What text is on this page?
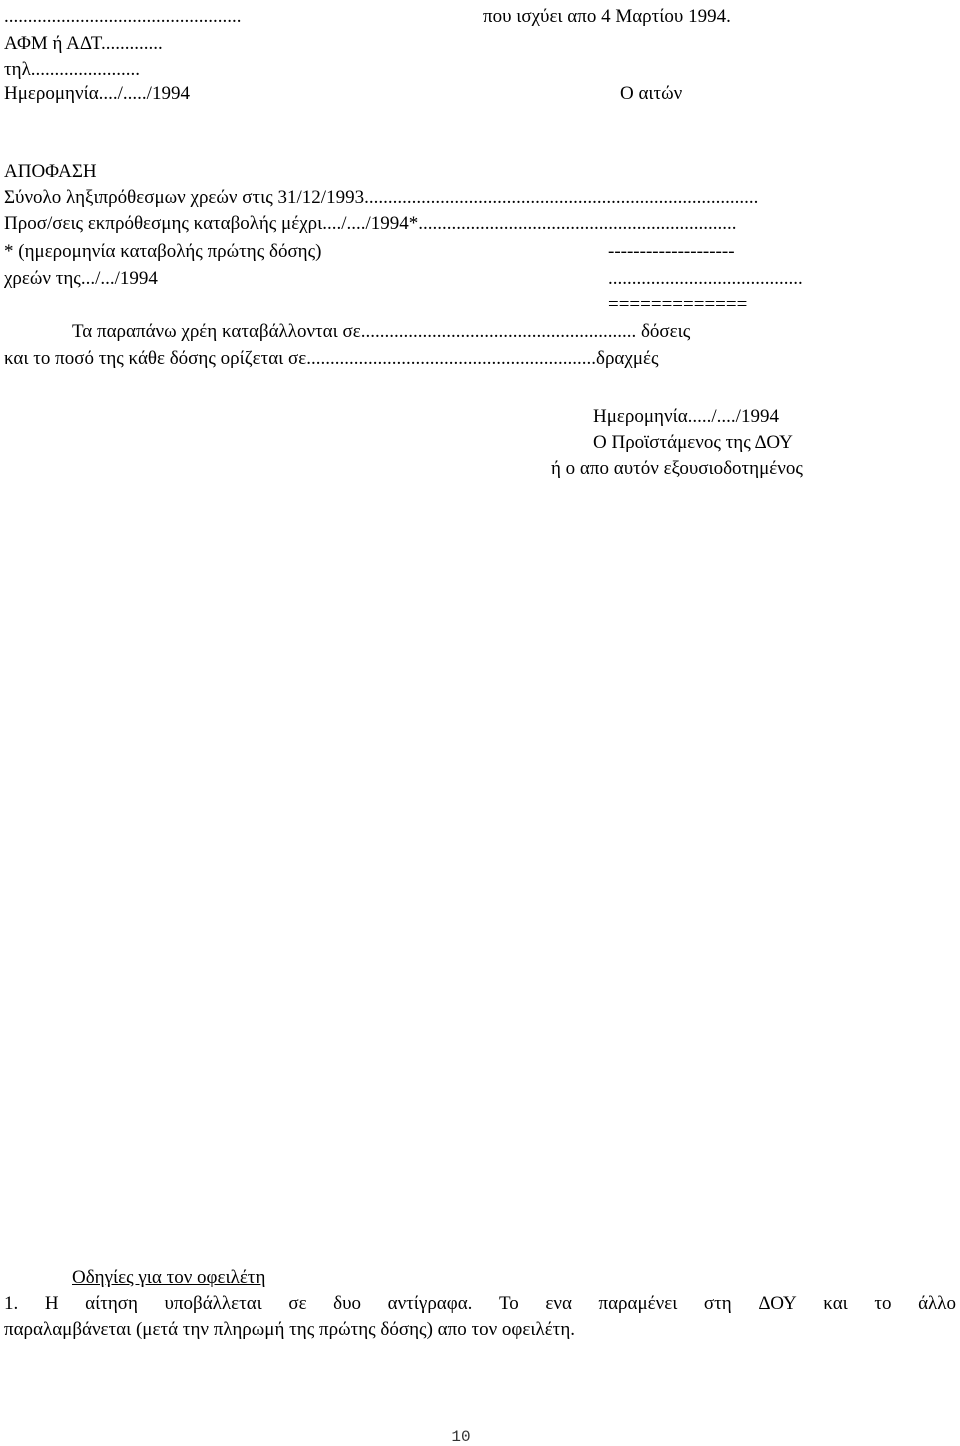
..................................................	που ισχύει απο 4 Μαρτίου 1994.
ΑΦΜ ή ΑΔΤ.............
τηλ.......................
Ημερομηνία..../...../1994	Ο αιτών
ΑΠΟΦΑΣΗ
Σύνολο ληξιπρόθεσμων χρεών στις 31/12/1993...................................................................................
Προσ/σεις εκπρόθεσμης καταβολής μέχρι..../..../1994*...................................................................
* (ημερομηνία καταβολής πρώτης δόσης)	--------------------
χρεών της.../.../1994	.........................................
=============
Τα παραπάνω χρέη καταβάλλονται σε.......................................................... δόσεις
και το ποσό της κάθε δόσης ορίζεται σε.............................................................δραχμές
Ημερομηνία...../..../1994
Ο Προϊστάμενος της ΔΟΥ
ή ο απο αυτόν εξουσιοδοτημένος
Οδηγίες για τον οφειλέτη
1. Η αίτηση υποβάλλεται σε δυο αντίγραφα. Το ενα παραμένει στη ΔΟΥ και το άλλο
παραλαμβάνεται (μετά την πληρωμή της πρώτης δόσης) απο τον οφειλέτη.
10
